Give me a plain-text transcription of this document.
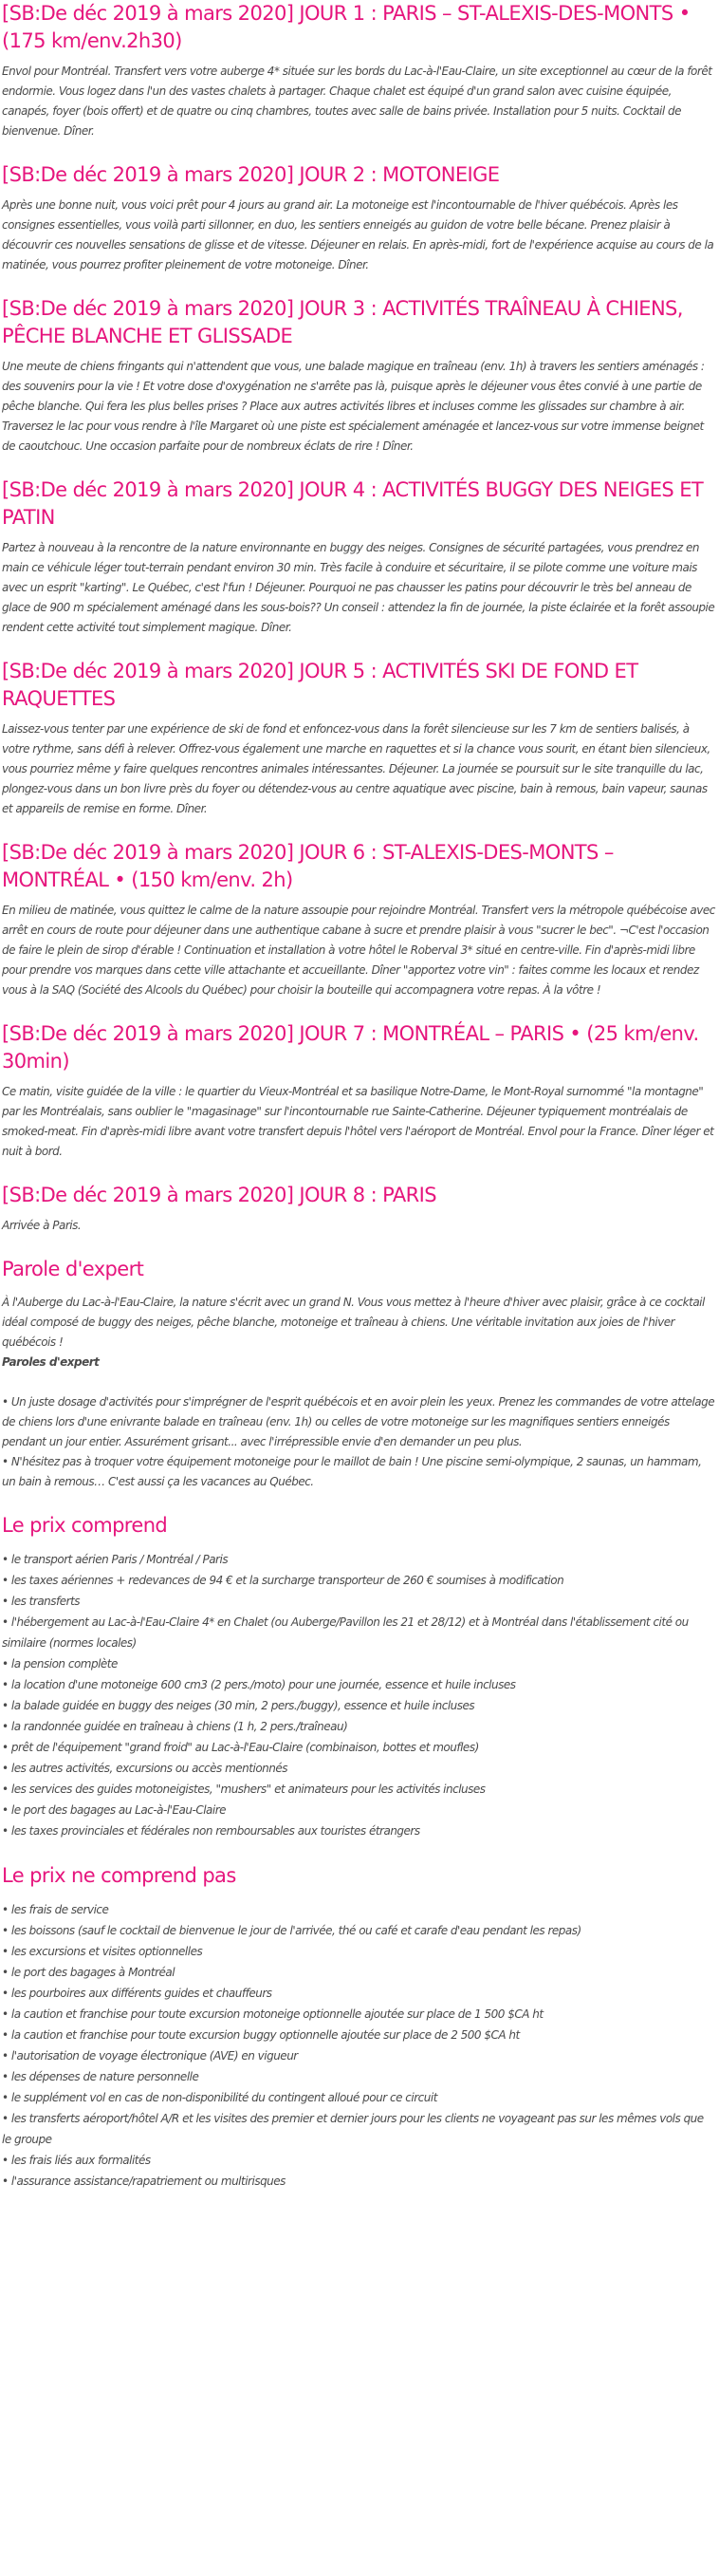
[SB:De déc 2019 à mars 2020] JOUR 1 : PARIS – ST-ALEXIS-DES-MONTS • (175 km/env.2h30)

Envol pour Montréal. Transfert vers votre auberge 4* située sur les bords du Lac-à-l'Eau-Claire, un site exceptionnel au cœur de la forêt endormie. Vous logez dans l'un des vastes chalets à partager. Chaque chalet est équipé d'un grand salon avec cuisine équipée, canapés, foyer (bois offert) et de quatre ou cinq chambres, toutes avec salle de bains privée. Installation pour 5 nuits. Cocktail de bienvenue. Dîner.

[SB:De déc 2019 à mars 2020] JOUR 2 : MOTONEIGE

Après une bonne nuit, vous voici prêt pour 4 jours au grand air. La motoneige est l'incontournable de l'hiver québécois. Après les consignes essentielles, vous voilà parti sillonner, en duo, les sentiers enneigés au guidon de votre belle bécane. Prenez plaisir à découvrir ces nouvelles sensations de glisse et de vitesse. Déjeuner en relais. En après-midi, fort de l'expérience acquise au cours de la matinée, vous pourrez profiter pleinement de votre motoneige. Dîner.

[SB:De déc 2019 à mars 2020] JOUR 3 : ACTIVITÉS TRAÎNEAU À CHIENS, PÊCHE BLANCHE ET GLISSADE

Une meute de chiens fringants qui n'attendent que vous, une balade magique en traîneau (env. 1h) à travers les sentiers aménagés : des souvenirs pour la vie ! Et votre dose d'oxygénation ne s'arrête pas là, puisque après le déjeuner vous êtes convié à une partie de pêche blanche. Qui fera les plus belles prises ? Place aux autres activités libres et incluses comme les glissades sur chambre à air. Traversez le lac pour vous rendre à l'île Margaret où une piste est spécialement aménagée et lancez-vous sur votre immense beignet de caoutchouc. Une occasion parfaite pour de nombreux éclats de rire ! Dîner.

[SB:De déc 2019 à mars 2020] JOUR 4 : ACTIVITÉS BUGGY DES NEIGES ET PATIN

Partez à nouveau à la rencontre de la nature environnante en buggy des neiges. Consignes de sécurité partagées, vous prendrez en main ce véhicule léger tout-terrain pendant environ 30 min. Très facile à conduire et sécuritaire, il se pilote comme une voiture mais avec un esprit "karting". Le Québec, c'est l'fun ! Déjeuner. Pourquoi ne pas chausser les patins pour découvrir le très bel anneau de glace de 900 m spécialement aménagé dans les sous-bois?? Un conseil : attendez la fin de journée, la piste éclairée et la forêt assoupie rendent cette activité tout simplement magique. Dîner.

[SB:De déc 2019 à mars 2020] JOUR 5 : ACTIVITÉS SKI DE FOND ET RAQUETTES

Laissez-vous tenter par une expérience de ski de fond et enfoncez-vous dans la forêt silencieuse sur les 7 km de sentiers balisés, à votre rythme, sans défi à relever. Offrez-vous également une marche en raquettes et si la chance vous sourit, en étant bien silencieux, vous pourriez même y faire quelques rencontres animales intéressantes. Déjeuner. La journée se poursuit sur le site tranquille du lac, plongez-vous dans un bon livre près du foyer ou détendez-vous au centre aquatique avec piscine, bain à remous, bain vapeur, saunas et appareils de remise en forme. Dîner.

[SB:De déc 2019 à mars 2020] JOUR 6 : ST-ALEXIS-DES-MONTS – MONTRÉAL • (150 km/env. 2h)

En milieu de matinée, vous quittez le calme de la nature assoupie pour rejoindre Montréal. Transfert vers la métropole québécoise avec arrêt en cours de route pour déjeuner dans une authentique cabane à sucre et prendre plaisir à vous "sucrer le bec". ¬C'est l'occasion de faire le plein de sirop d'érable ! Continuation et installation à votre hôtel le Roberval 3* situé en centre-ville. Fin d'après-midi libre pour prendre vos marques dans cette ville attachante et accueillante. Dîner "apportez votre vin" : faites comme les locaux et rendez vous à la SAQ (Société des Alcools du Québec) pour choisir la bouteille qui accompagnera votre repas. À la vôtre !

[SB:De déc 2019 à mars 2020] JOUR 7 : MONTRÉAL – PARIS • (25 km/env. 30min)

Ce matin, visite guidée de la ville : le quartier du Vieux-Montréal et sa basilique Notre-Dame, le Mont-Royal surnommé "la montagne" par les Montréalais, sans oublier le "magasinage" sur l'incontournable rue Sainte-Catherine. Déjeuner typiquement montréalais de smoked-meat. Fin d'après-midi libre avant votre transfert depuis l'hôtel vers l'aéroport de Montréal. Envol pour la France. Dîner léger et nuit à bord.

[SB:De déc 2019 à mars 2020] JOUR 8 : PARIS

Arrivée à Paris.

Parole d'expert

À l'Auberge du Lac-à-l'Eau-Claire, la nature s'écrit avec un grand N. Vous vous mettez à l'heure d'hiver avec plaisir, grâce à ce cocktail idéal composé de buggy des neiges, pêche blanche, motoneige et traîneau à chiens. Une véritable invitation aux joies de l'hiver québécois !

Paroles d'expert

• Un juste dosage d'activités pour s'imprégner de l'esprit québécois et en avoir plein les yeux. Prenez les commandes de votre attelage de chiens lors d'une enivrante balade en traîneau (env. 1h) ou celles de votre motoneige sur les magnifiques sentiers enneigés pendant un jour entier. Assurément grisant... avec l'irrépressible envie d'en demander un peu plus.

• N'hésitez pas à troquer votre équipement motoneige pour le maillot de bain ! Une piscine semi-olympique, 2 saunas, un hammam, un bain à remous… C'est aussi ça les vacances au Québec.

Le prix comprend
• le transport aérien Paris / Montréal / Paris
• les taxes aériennes + redevances de 94 € et la surcharge transporteur de 260 € soumises à modification
• les transferts
• l'hébergement au Lac-à-l'Eau-Claire 4* en Chalet (ou Auberge/Pavillon les 21 et 28/12) et à Montréal dans l'établissement cité ou similaire (normes locales)
• la pension complète
• la location d'une motoneige 600 cm3 (2 pers./moto) pour une journée, essence et huile incluses
• la balade guidée en buggy des neiges (30 min, 2 pers./buggy), essence et huile incluses
• la randonnée guidée en traîneau à chiens (1 h, 2 pers./traîneau)
• prêt de l'équipement "grand froid" au Lac-à-l'Eau-Claire (combinaison, bottes et moufles)
• les autres activités, excursions ou accès mentionnés
• les services des guides motoneigistes, "mushers" et animateurs pour les activités incluses
• le port des bagages au Lac-à-l'Eau-Claire
• les taxes provinciales et fédérales non remboursables aux touristes étrangers
Le prix ne comprend pas
• les frais de service
• les boissons (sauf le cocktail de bienvenue le jour de l'arrivée, thé ou café et carafe d'eau pendant les repas)
• les excursions et visites optionnelles
• le port des bagages à Montréal
• les pourboires aux différents guides et chauffeurs
• la caution et franchise pour toute excursion motoneige optionnelle ajoutée sur place de 1 500 $CA ht
• la caution et franchise pour toute excursion buggy optionnelle ajoutée sur place de 2 500 $CA ht
• l'autorisation de voyage électronique (AVE) en vigueur
• les dépenses de nature personnelle
• le supplément vol en cas de non-disponibilité du contingent alloué pour ce circuit
• les transferts aéroport/hôtel A/R et les visites des premier et dernier jours pour les clients ne voyageant pas sur les mêmes vols que le groupe
• les frais liés aux formalités
• l'assurance assistance/rapatriement ou multirisques
